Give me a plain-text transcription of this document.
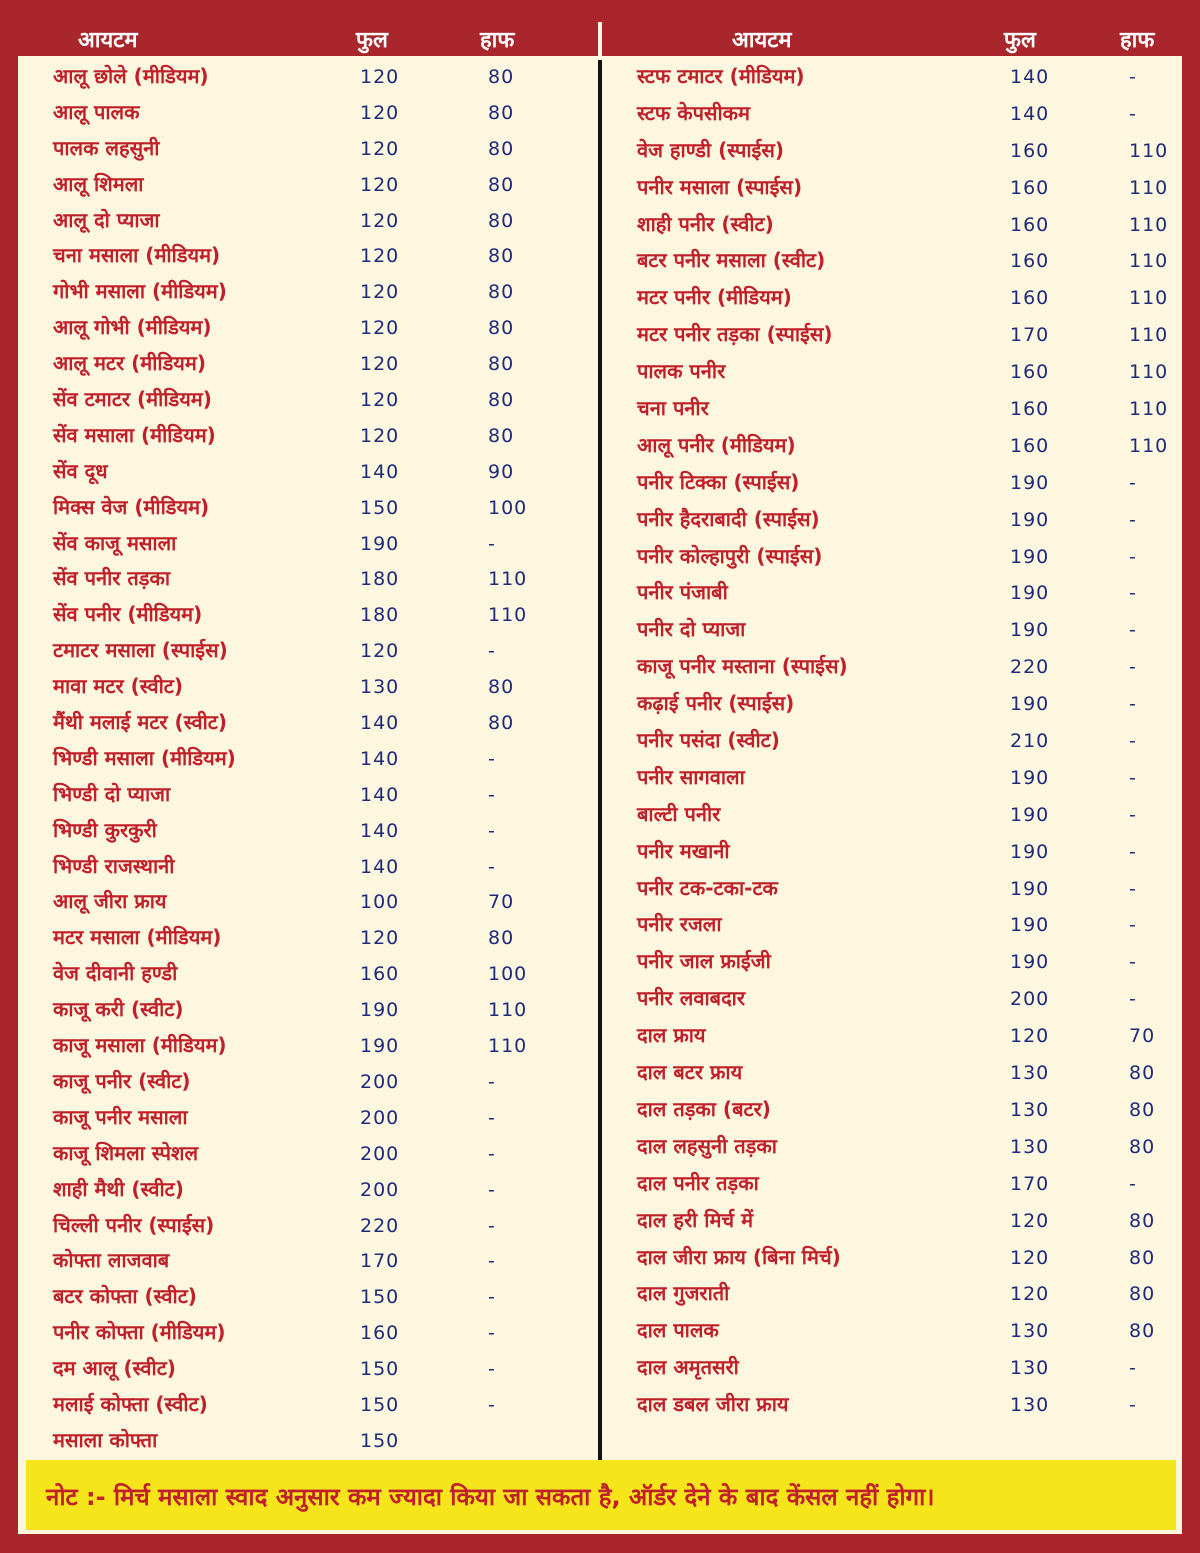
आयटम	फुल	हाफ
आलू छोले (मीडियम)	120	80
आलू पालक	120	80
पालक लहसुनी	120	80
आलू शिमला	120	80
आलू दो प्याजा	120	80
चना मसाला (मीडियम)	120	80
गोभी मसाला (मीडियम)	120	80
आलू गोभी (मीडियम)	120	80
आलू मटर (मीडियम)	120	80
सेंव टमाटर (मीडियम)	120	80
सेंव मसाला (मीडियम)	120	80
सेंव दूध	140	90
मिक्स वेज (मीडियम)	150	100
सेंव काजू मसाला	190	-
सेंव पनीर तड़का	180	110
सेंव पनीर (मीडियम)	180	110
टमाटर मसाला (स्पाईस)	120	-
मावा मटर (स्वीट)	130	80
मैंथी मलाई मटर (स्वीट)	140	80
भिण्डी मसाला (मीडियम)	140	-
भिण्डी दो प्याजा	140	-
भिण्डी कुरकुरी	140	-
भिण्डी राजस्थानी	140	-
आलू जीरा फ्राय	100	70
मटर मसाला (मीडियम)	120	80
वेज दीवानी हण्डी	160	100
काजू करी (स्वीट)	190	110
काजू मसाला (मीडियम)	190	110
काजू पनीर (स्वीट)	200	-
काजू पनीर मसाला	200	-
काजू शिमला स्पेशल	200	-
शाही मैथी (स्वीट)	200	-
चिल्ली पनीर (स्पाईस)	220	-
कोफ्ता लाजवाब	170	-
बटर कोफ्ता (स्वीट)	150	-
पनीर कोफ्ता (मीडियम)	160	-
दम आलू (स्वीट)	150	-
मलाई कोफ्ता (स्वीट)	150	-
मसाला कोफ्ता	150
आयटम	फुल	हाफ
स्टफ टमाटर (मीडियम)	140	-
स्टफ केपसीकम	140	-
वेज हाण्डी (स्पाईस)	160	110
पनीर मसाला (स्पाईस)	160	110
शाही पनीर (स्वीट)	160	110
बटर पनीर मसाला (स्वीट)	160	110
मटर पनीर (मीडियम)	160	110
मटर पनीर तड़का (स्पाईस)	170	110
पालक पनीर	160	110
चना पनीर	160	110
आलू पनीर (मीडियम)	160	110
पनीर टिक्का (स्पाईस)	190	-
पनीर हैदराबादी (स्पाईस)	190	-
पनीर कोल्हापुरी (स्पाईस)	190	-
पनीर पंजाबी	190	-
पनीर दो प्याजा	190	-
काजू पनीर मस्ताना (स्पाईस)	220	-
कढ़ाई पनीर (स्पाईस)	190	-
पनीर पसंदा (स्वीट)	210	-
पनीर सागवाला	190	-
बाल्टी पनीर	190	-
पनीर मखानी	190	-
पनीर टक-टका-टक	190	-
पनीर रजला	190	-
पनीर जाल फ्राईजी	190	-
पनीर लवाबदार	200	-
दाल फ्राय	120	70
दाल बटर फ्राय	130	80
दाल तड़का (बटर)	130	80
दाल लहसुनी तड़का	130	80
दाल पनीर तड़का	170	-
दाल हरी मिर्च में	120	80
दाल जीरा फ्राय (बिना मिर्च)	120	80
दाल गुजराती	120	80
दाल पालक	130	80
दाल अमृतसरी	130	-
दाल डबल जीरा फ्राय	130	-
नोट :- मिर्च मसाला स्वाद अनुसार कम ज्यादा किया जा सकता है, ऑर्डर देने के बाद केंसल नहीं होगा।
